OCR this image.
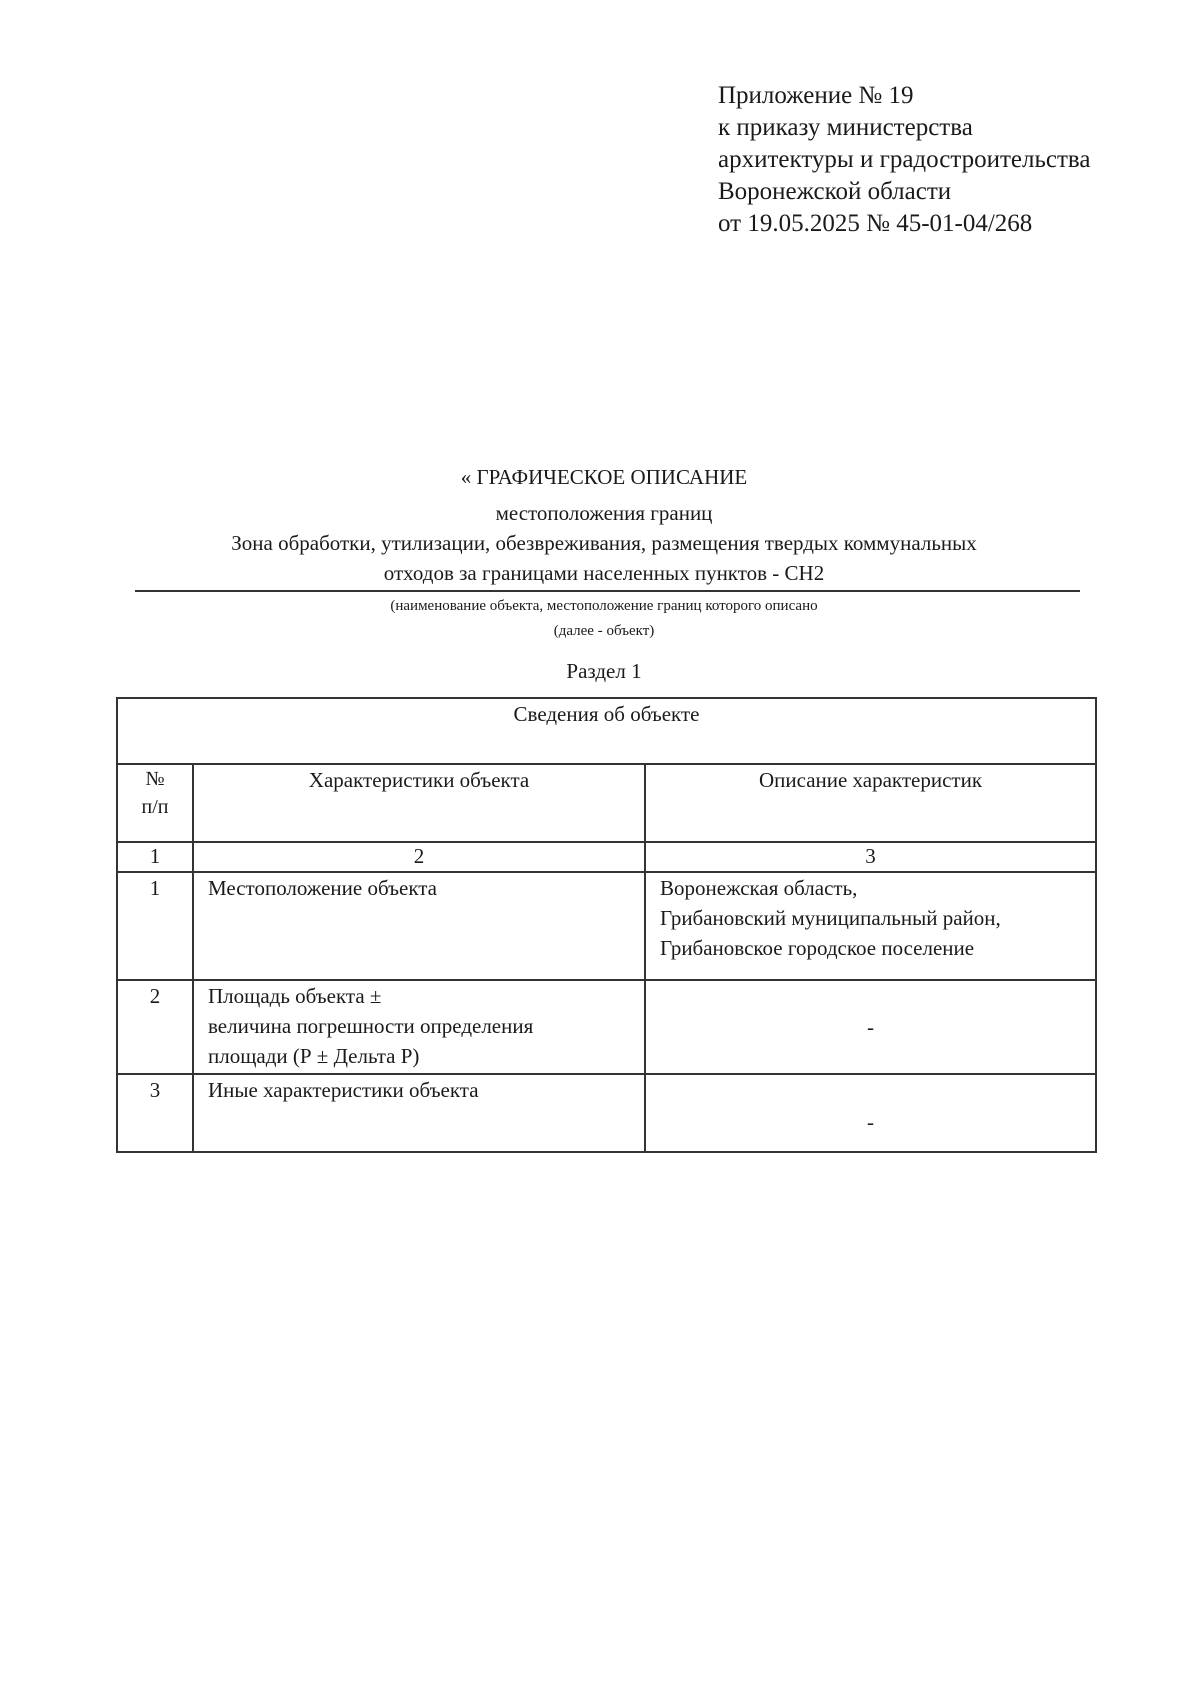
Приложение № 19
к приказу министерства
архитектуры и градостроительства
Воронежской области
от 19.05.2025 № 45-01-04/268
« ГРАФИЧЕСКОЕ ОПИСАНИЕ
местоположения границ
Зона обработки, утилизации, обезвреживания, размещения твердых коммунальных
отходов за границами населенных пунктов - СН2
(наименование объекта, местоположение границ которого описано
(далее - объект)
Раздел 1
Сведения об объекте		

№
п/п	Характеристики объекта	Описание характеристик
1	2	3
1	Местоположение объекта	Воронежская область,
Грибановский муниципальный район,
Грибановское городское поселение

2	Площадь объекта ±
величина погрешности определения
площади (Р ± Дельта Р)	-

3	Иные характеристики объекта	-
